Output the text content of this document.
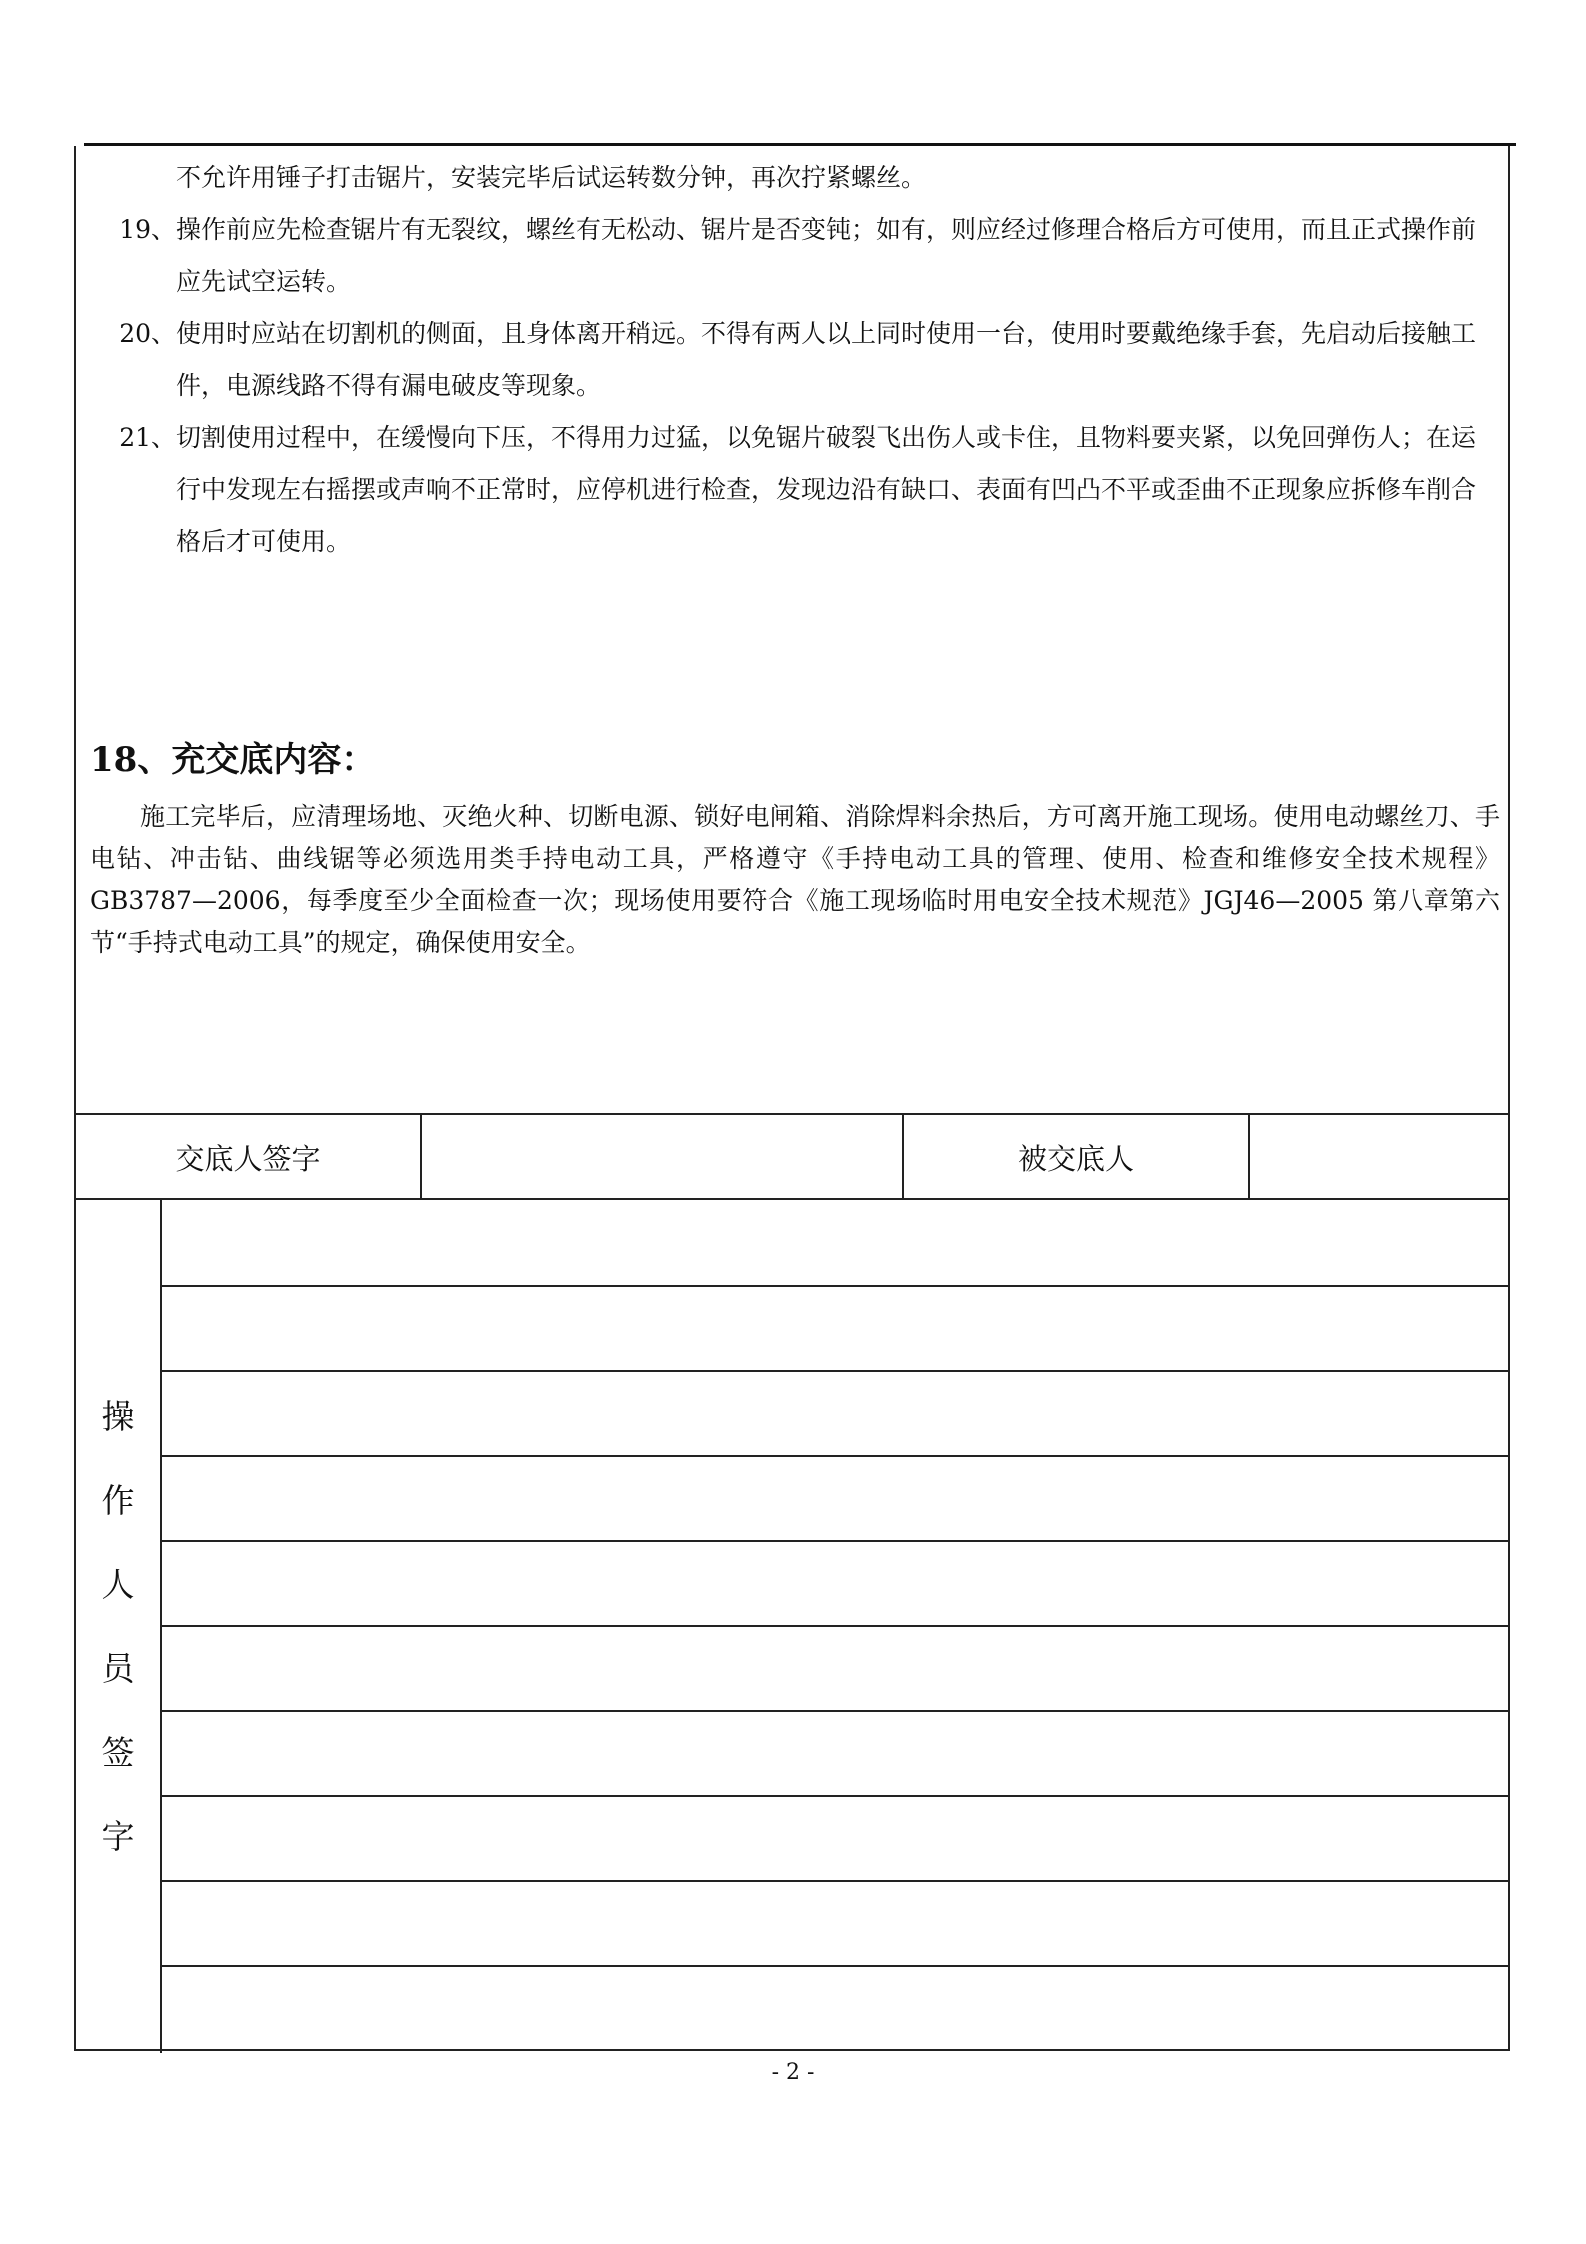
不允许用锤子打击锯片，安装完毕后试运转数分钟，再次拧紧螺丝。
19、 操作前应先检查锯片有无裂纹，螺丝有无松动、锯片是否变钝；如有，则应经过修理合格后方可使用，而且正式操作前应先试空运转。
20、 使用时应站在切割机的侧面，且身体离开稍远。不得有两人以上同时使用一台，使用时要戴绝缘手套，先启动后接触工件，电源线路不得有漏电破皮等现象。
21、 切割使用过程中，在缓慢向下压，不得用力过猛，以免锯片破裂飞出伤人或卡住，且物料要夹紧，以免回弹伤人；在运行中发现左右摇摆或声响不正常时，应停机进行检查，发现边沿有缺口、表面有凹凸不平或歪曲不正现象应拆修车削合格后才可使用。
18、充交底内容：
施工完毕后，应清理场地、灭绝火种、切断电源、锁好电闸箱、消除焊料余热后，方可离开施工现场。使用电动螺丝刀、手电钻、冲击钻、曲线锯等必须选用类手持电动工具，严格遵守《手持电动工具的管理、使用、检查和维修安全技术规程》GB3787—2006，每季度至少全面检查一次；现场使用要符合《施工现场临时用电安全技术规范》JGJ46—2005 第八章第六节“手持式电动工具”的规定，确保使用安全。
交底人签字	被交底人
操
作
人
员
签
字
- 2 -
